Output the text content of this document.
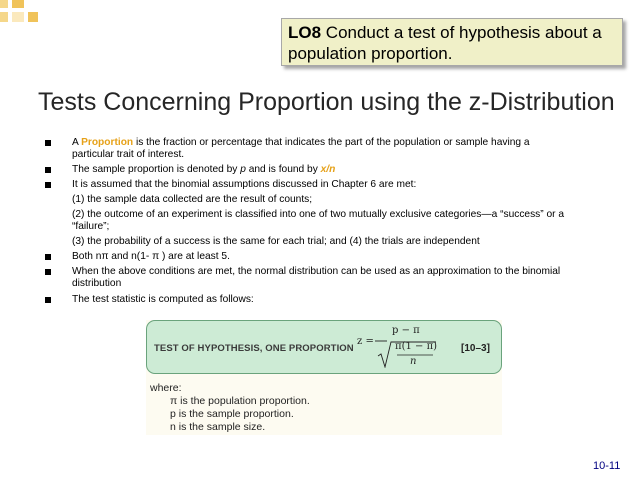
LO8 Conduct a test of hypothesis about a population proportion.
Tests Concerning Proportion using the z-Distribution
A Proportion is the fraction or percentage that indicates the part of the population or sample having a particular trait of interest.
The sample proportion is denoted by p and is found by x/n
It is assumed that the binomial assumptions discussed in Chapter 6 are met:
(1) the sample data collected are the result of counts;
(2) the outcome of an experiment is classified into one of two mutually exclusive categories—a “success” or a “failure”;
(3) the probability of a success is the same for each trial; and (4) the trials are independent
Both nπ and n(1- π ) are at least 5.
When the above conditions are met, the normal distribution can be used as an approximation to the binomial distribution
The test statistic is computed as follows:
TEST OF HYPOTHESIS, ONE PROPORTION
z =
p − π
π(1 − π)
n
[10–3]
where:
π is the population proportion.
p is the sample proportion.
n is the sample size.
10-11
